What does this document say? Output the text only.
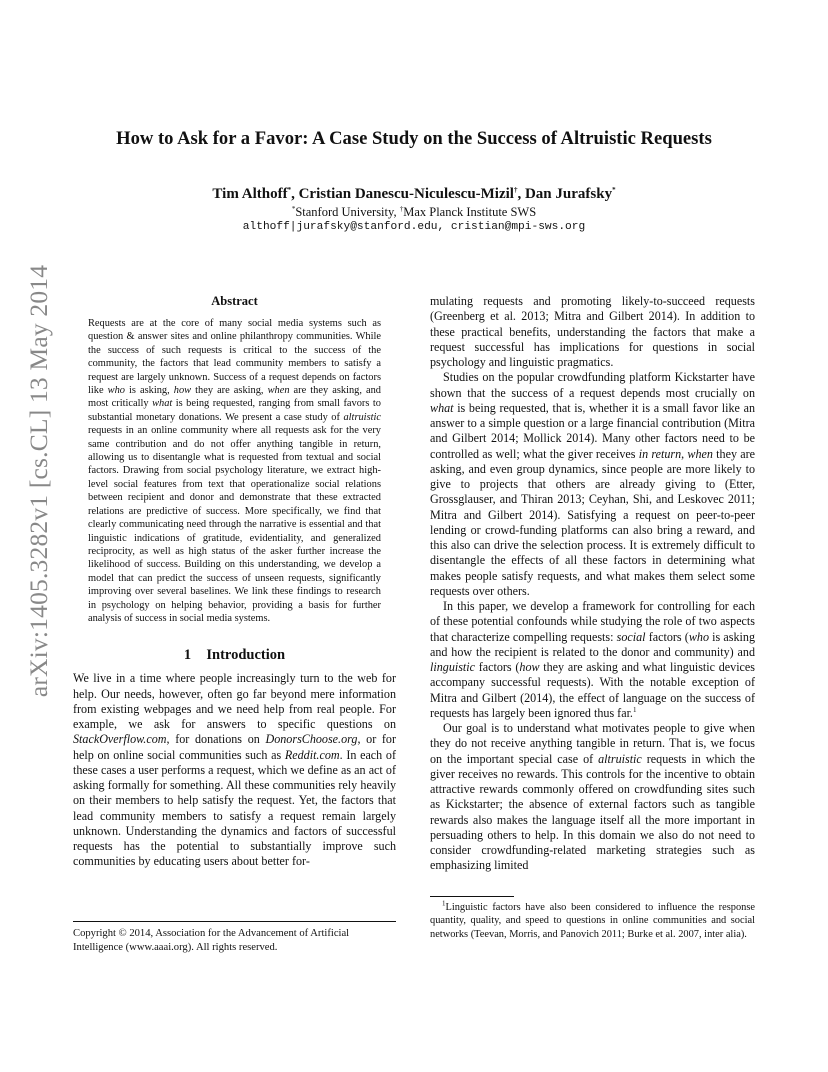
arXiv:1405.3282v1 [cs.CL] 13 May 2014
How to Ask for a Favor: A Case Study on the Success of Altruistic Requests
Tim Althoff*, Cristian Danescu-Niculescu-Mizil†, Dan Jurafsky*
*Stanford University, †Max Planck Institute SWS
althoff|jurafsky@stanford.edu, cristian@mpi-sws.org
Abstract
Requests are at the core of many social media systems such as question & answer sites and online philanthropy communities. While the success of such requests is critical to the success of the community, the factors that lead community members to satisfy a request are largely unknown. Success of a request depends on factors like who is asking, how they are asking, when are they asking, and most critically what is being requested, ranging from small favors to substantial monetary donations. We present a case study of altruistic requests in an online community where all requests ask for the very same contribution and do not offer anything tangible in return, allowing us to disentangle what is requested from textual and social factors. Drawing from social psychology literature, we extract high-level social features from text that operationalize social relations between recipient and donor and demonstrate that these extracted relations are predictive of success. More specifically, we find that clearly communicating need through the narrative is essential and that linguistic indications of gratitude, evidentiality, and generalized reciprocity, as well as high status of the asker further increase the likelihood of success. Building on this understanding, we develop a model that can predict the success of unseen requests, significantly improving over several baselines. We link these findings to research in psychology on helping behavior, providing a basis for further analysis of success in social media systems.
1 Introduction

We live in a time where people increasingly turn to the web for help. Our needs, however, often go far beyond mere information from existing webpages and we need help from real people. For example, we ask for answers to specific questions on StackOverflow.com, for donations on DonorsChoose.org, or for help on online social communities such as Reddit.com. In each of these cases a user performs a request, which we define as an act of asking formally for something. All these communities rely heavily on their members to help satisfy the request. Yet, the factors that lead community members to satisfy a request remain largely unknown. Understanding the dynamics and factors of successful requests has the potential to substantially improve such communities by educating users about better for-

Copyright © 2014, Association for the Advancement of Artificial Intelligence (www.aaai.org). All rights reserved.

mulating requests and promoting likely-to-succeed requests (Greenberg et al. 2013; Mitra and Gilbert 2014). In addition to these practical benefits, understanding the factors that make a request successful has implications for questions in social psychology and linguistic pragmatics.

Studies on the popular crowdfunding platform Kickstarter have shown that the success of a request depends most crucially on what is being requested, that is, whether it is a small favor like an answer to a simple question or a large financial contribution (Mitra and Gilbert 2014; Mollick 2014). Many other factors need to be controlled as well; what the giver receives in return, when they are asking, and even group dynamics, since people are more likely to give to projects that others are already giving to (Etter, Grossglauser, and Thiran 2013; Ceyhan, Shi, and Leskovec 2011; Mitra and Gilbert 2014). Satisfying a request on peer-to-peer lending or crowd-funding platforms can also bring a reward, and this also can drive the selection process. It is extremely difficult to disentangle the effects of all these factors in determining what makes people satisfy requests, and what makes them select some requests over others.

In this paper, we develop a framework for controlling for each of these potential confounds while studying the role of two aspects that characterize compelling requests: social factors (who is asking and how the recipient is related to the donor and community) and linguistic factors (how they are asking and what linguistic devices accompany successful requests). With the notable exception of Mitra and Gilbert (2014), the effect of language on the success of requests has largely been ignored thus far.$^1$

Our goal is to understand what motivates people to give when they do not receive anything tangible in return. That is, we focus on the important special case of altruistic requests in which the giver receives no rewards. This controls for the incentive to obtain attractive rewards commonly offered on crowdfunding sites such as Kickstarter; the absence of external factors such as tangible rewards also makes the language itself all the more important in persuading others to help. In this domain we also do not need to consider crowdfunding-related marketing strategies such as emphasizing limited

$^1$Linguistic factors have also been considered to influence the response quantity, quality, and speed to questions in online communities and social networks (Teevan, Morris, and Panovich 2011; Burke et al. 2007, inter alia).
